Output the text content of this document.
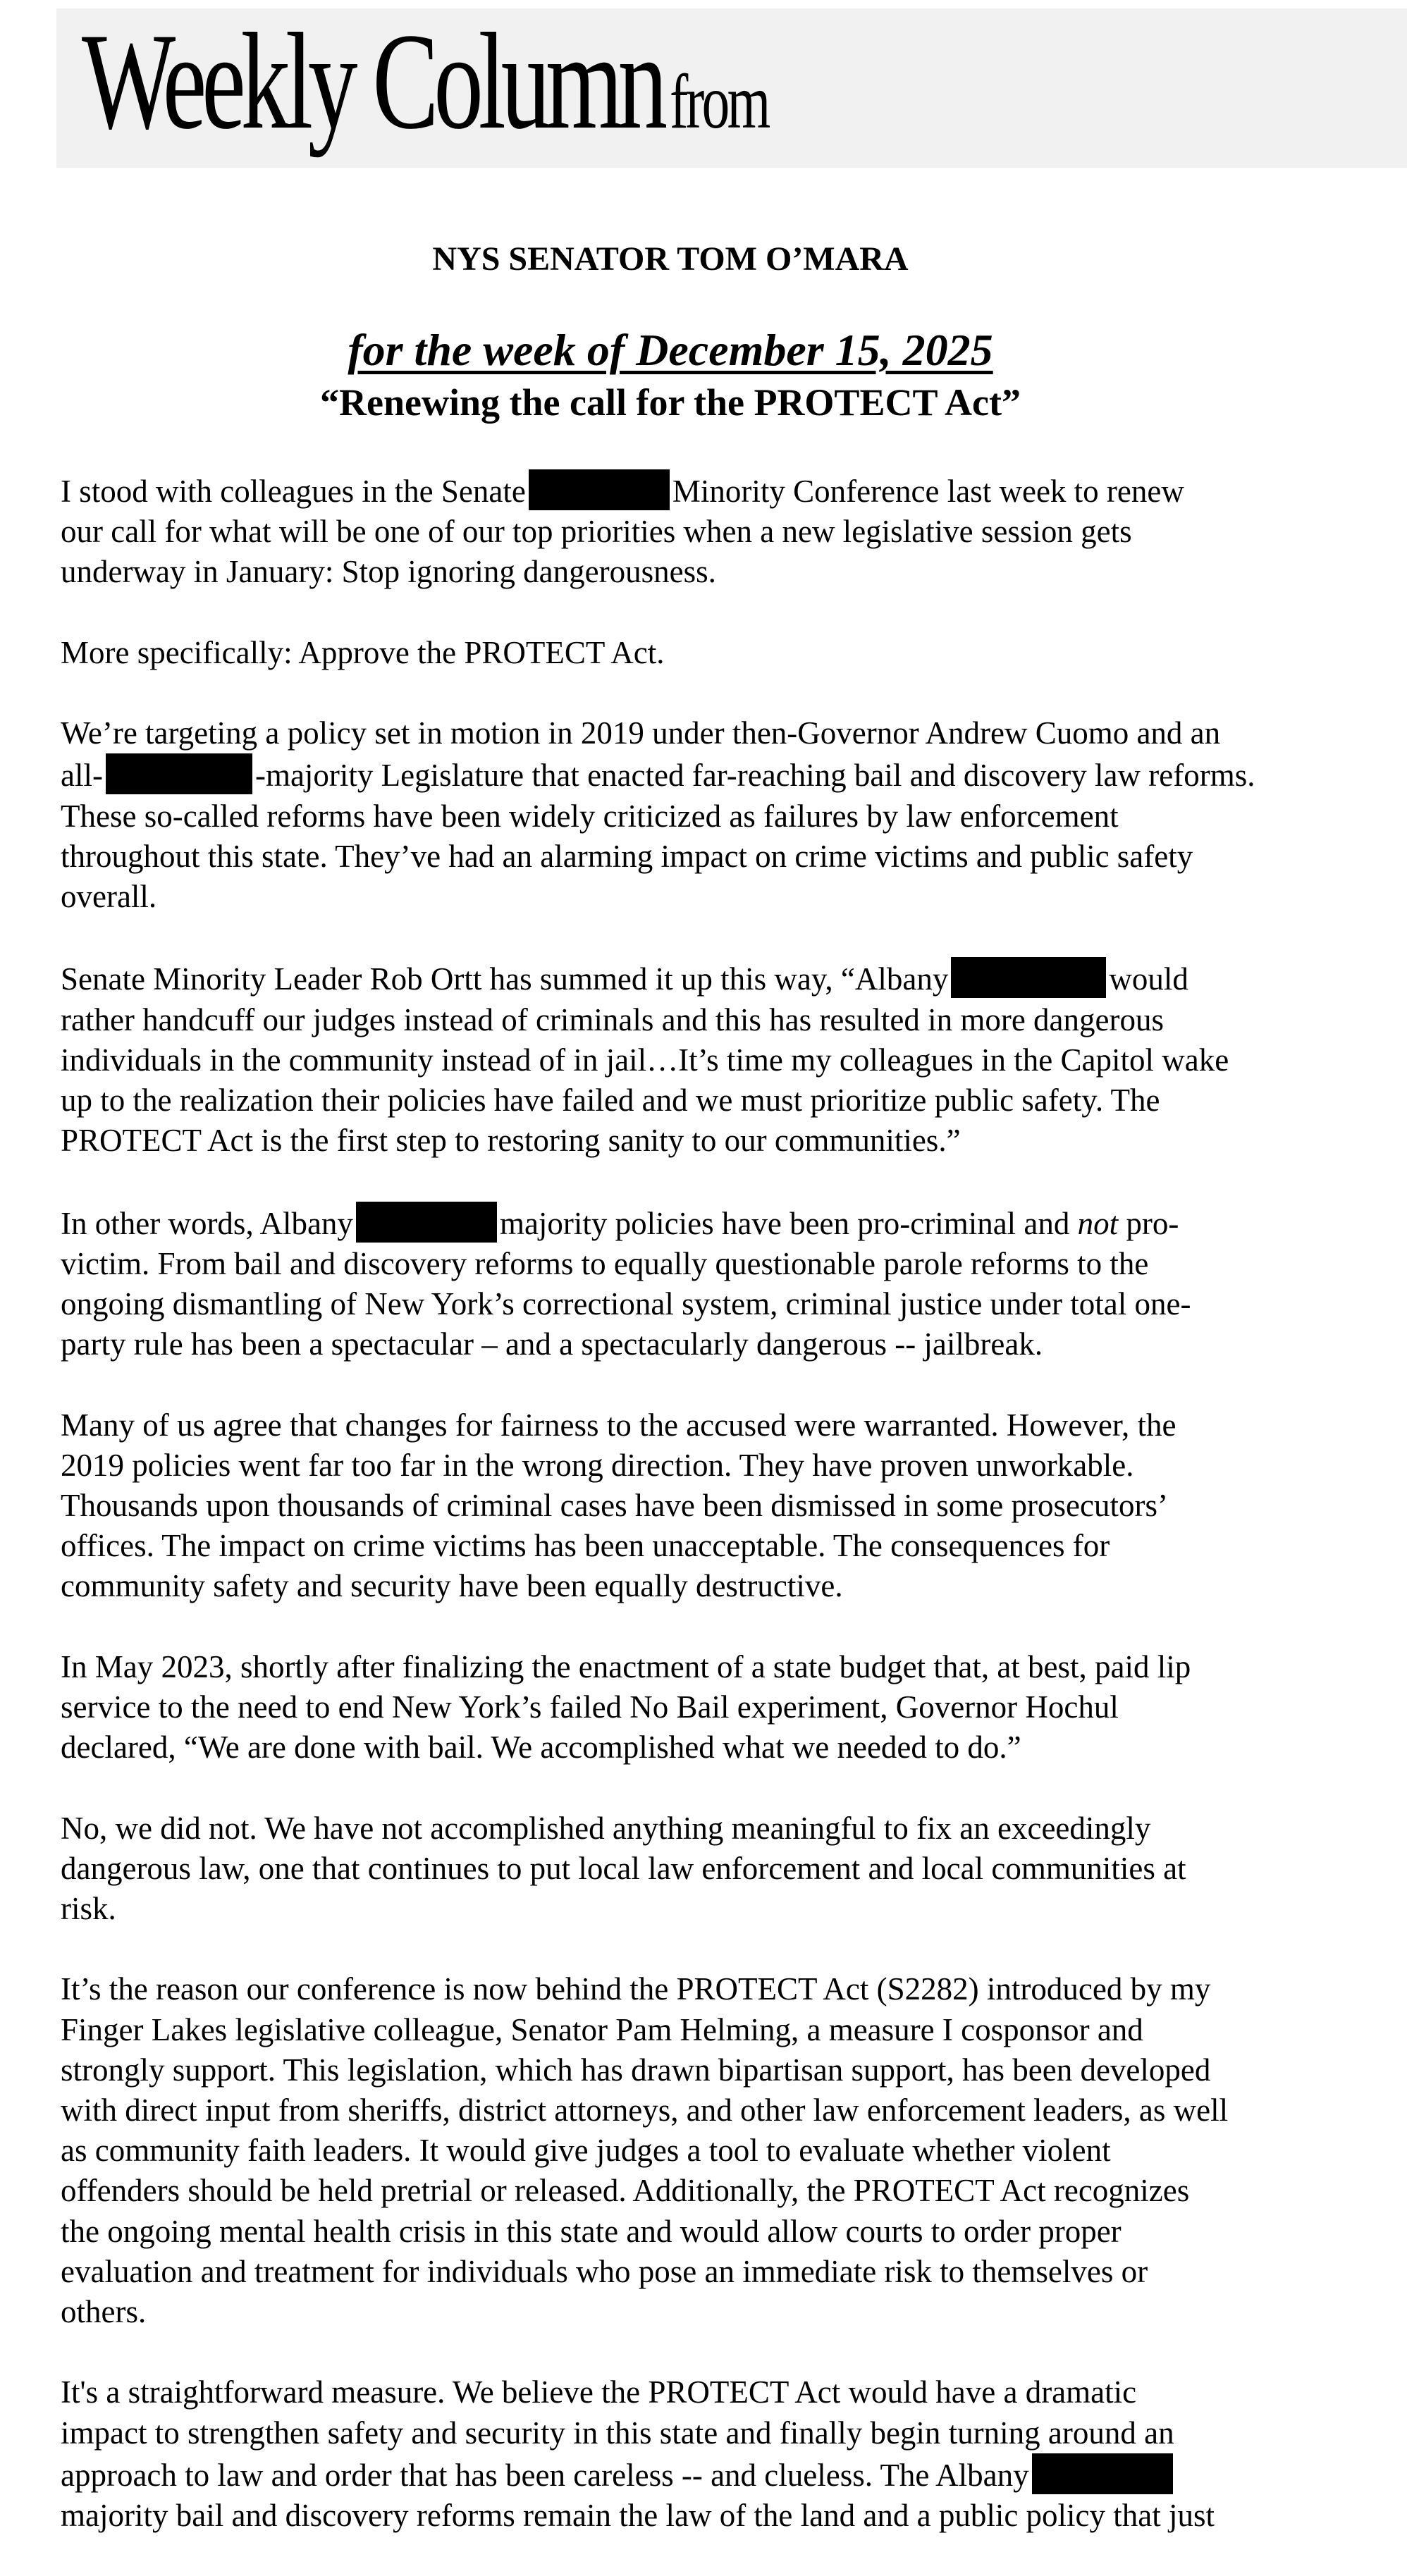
Weekly Columnfrom
NYS SENATOR TOM O’MARA
for the week of December 15, 2025
“Renewing the call for the PROTECT Act”

I stood with colleagues in the Senate	Minority Conference last week to renew
our call for what will be one of our top priorities when a new legislative session gets
underway in January: Stop ignoring dangerousness.

More specifically: Approve the PROTECT Act.

We’re targeting a policy set in motion in 2019 under then-Governor Andrew Cuomo and an
all-	-majority Legislature that enacted far-reaching bail and discovery law reforms.
These so-called reforms have been widely criticized as failures by law enforcement
throughout this state. They’ve had an alarming impact on crime victims and public safety
overall.

Senate Minority Leader Rob Ortt has summed it up this way, “Albany	would
rather handcuff our judges instead of criminals and this has resulted in more dangerous
individuals in the community instead of in jail…It’s time my colleagues in the Capitol wake
up to the realization their policies have failed and we must prioritize public safety. The
PROTECT Act is the first step to restoring sanity to our communities.”

In other words, Albany	majority policies have been pro-criminal and not pro-
victim. From bail and discovery reforms to equally questionable parole reforms to the
ongoing dismantling of New York’s correctional system, criminal justice under total one-
party rule has been a spectacular – and a spectacularly dangerous -- jailbreak.

Many of us agree that changes for fairness to the accused were warranted. However, the
2019 policies went far too far in the wrong direction. They have proven unworkable.
Thousands upon thousands of criminal cases have been dismissed in some prosecutors’
offices. The impact on crime victims has been unacceptable. The consequences for
community safety and security have been equally destructive.

In May 2023, shortly after finalizing the enactment of a state budget that, at best, paid lip
service to the need to end New York’s failed No Bail experiment, Governor Hochul
declared, “We are done with bail. We accomplished what we needed to do.”

No, we did not. We have not accomplished anything meaningful to fix an exceedingly
dangerous law, one that continues to put local law enforcement and local communities at
risk.

It’s the reason our conference is now behind the PROTECT Act (S2282) introduced by my
Finger Lakes legislative colleague, Senator Pam Helming, a measure I cosponsor and
strongly support. This legislation, which has drawn bipartisan support, has been developed
with direct input from sheriffs, district attorneys, and other law enforcement leaders, as well
as community faith leaders. It would give judges a tool to evaluate whether violent
offenders should be held pretrial or released. Additionally, the PROTECT Act recognizes
the ongoing mental health crisis in this state and would allow courts to order proper
evaluation and treatment for individuals who pose an immediate risk to themselves or
others.

It's a straightforward measure. We believe the PROTECT Act would have a dramatic
impact to strengthen safety and security in this state and finally begin turning around an
approach to law and order that has been careless -- and clueless. The Albany
majority bail and discovery reforms remain the law of the land and a public policy that just
